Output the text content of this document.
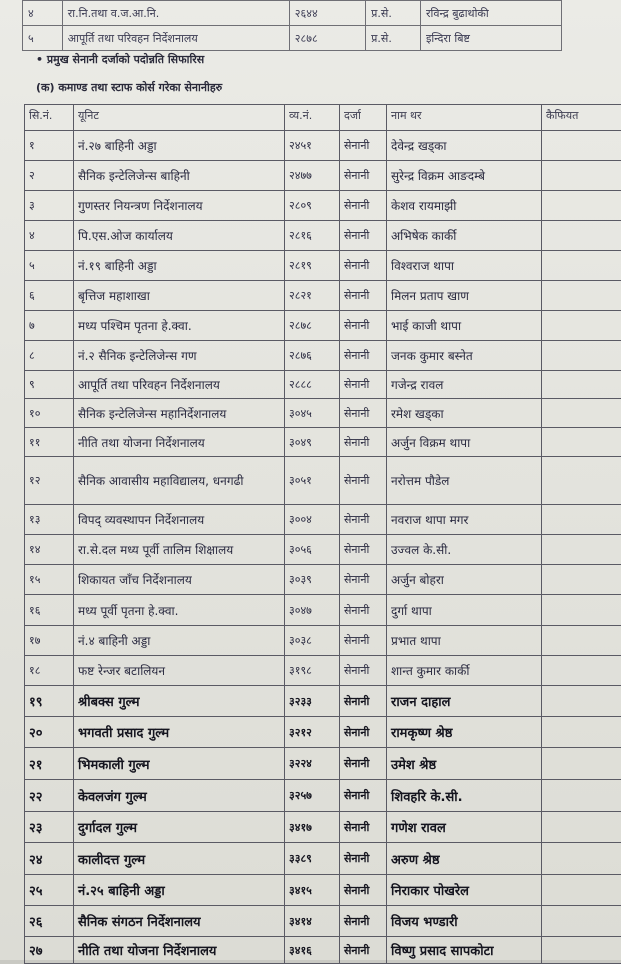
४	रा.नि.तथा व.ज.आ.नि.	२६४४	प्र.से.	रविन्द्र बुढाथोकी
५	आपूर्ति तथा परिवहन निर्देशनालय	२८७८	प्र.से.	इन्दिरा बिष्ट
• प्रमुख सेनानी दर्जाको पदोन्नति सिफारिस
(क) कमाण्ड तथा स्टाफ कोर्स गरेका सेनानीहरु
सि.नं.	यूनिट	व्य.नं.	दर्जा	नाम थर	कैफियत
१	नं.२७ बाहिनी अड्डा	२४५१	सेनानी	देवेन्द्र खड्का	
२	सैनिक इन्टेलिजेन्स बाहिनी	२४७७	सेनानी	सुरेन्द्र विक्रम आङदम्बे	
३	गुणस्तर नियन्त्रण निर्देशनालय	२८०९	सेनानी	केशव रायमाझी	
४	पि.एस.ओज कार्यालय	२८१६	सेनानी	अभिषेक कार्की	
५	नं.१९ बाहिनी अड्डा	२८१९	सेनानी	विश्वराज थापा	
६	बृत्तिज महाशाखा	२८२१	सेनानी	मिलन प्रताप खाण	
७	मध्य पश्चिम पृतना हे.क्वा.	२८७८	सेनानी	भाई काजी थापा	
८	नं.२ सैनिक इन्टेलिजेन्स गण	२८७६	सेनानी	जनक कुमार बस्नेत	
९	आपूर्ति तथा परिवहन निर्देशनालय	२८८८	सेनानी	गजेन्द्र रावल	
१०	सैनिक इन्टेलिजेन्स महानिर्देशनालय	३०४५	सेनानी	रमेश खड्का	
११	नीति तथा योजना निर्देशनालय	३०४९	सेनानी	अर्जुन विक्रम थापा	
१२	सैनिक आवासीय महाविद्यालय, धनगढी	३०५१	सेनानी	नरोत्तम पौडेल	
१३	विपद् व्यवस्थापन निर्देशनालय	३००४	सेनानी	नवराज थापा मगर	
१४	रा.से.दल मध्य पूर्वी तालिम शिक्षालय	३०५६	सेनानी	उज्वल के.सी.	
१५	शिकायत जाँच निर्देशनालय	३०३९	सेनानी	अर्जुन बोहरा	
१६	मध्य पूर्वी पृतना हे.क्वा.	३०४७	सेनानी	दुर्गा थापा	
१७	नं.४ बाहिनी अड्डा	३०३८	सेनानी	प्रभात थापा	
१८	फष्ट रेन्जर बटालियन	३१९८	सेनानी	शान्त कुमार कार्की	
१९	श्रीबक्स गुल्म	३२३३	सेनानी	राजन दाहाल	
२०	भगवती प्रसाद गुल्म	३२१२	सेनानी	रामकृष्ण श्रेष्ठ	
२१	भिमकाली गुल्म	३२२४	सेनानी	उमेश श्रेष्ठ	
२२	केवलजंग गुल्म	३२५७	सेनानी	शिवहरि के.सी.	
२३	दुर्गादल गुल्म	३४१७	सेनानी	गणेश रावल	
२४	कालीदत्त गुल्म	३३८९	सेनानी	अरुण श्रेष्ठ	
२५	नं.२५ बाहिनी अड्डा	३४१५	सेनानी	निराकार पोखरेल	
२६	सैनिक संगठन निर्देशनालय	३४१४	सेनानी	विजय भण्डारी	
२७	नीति तथा योजना निर्देशनालय	३४१६	सेनानी	विष्णु प्रसाद सापकोटा	
